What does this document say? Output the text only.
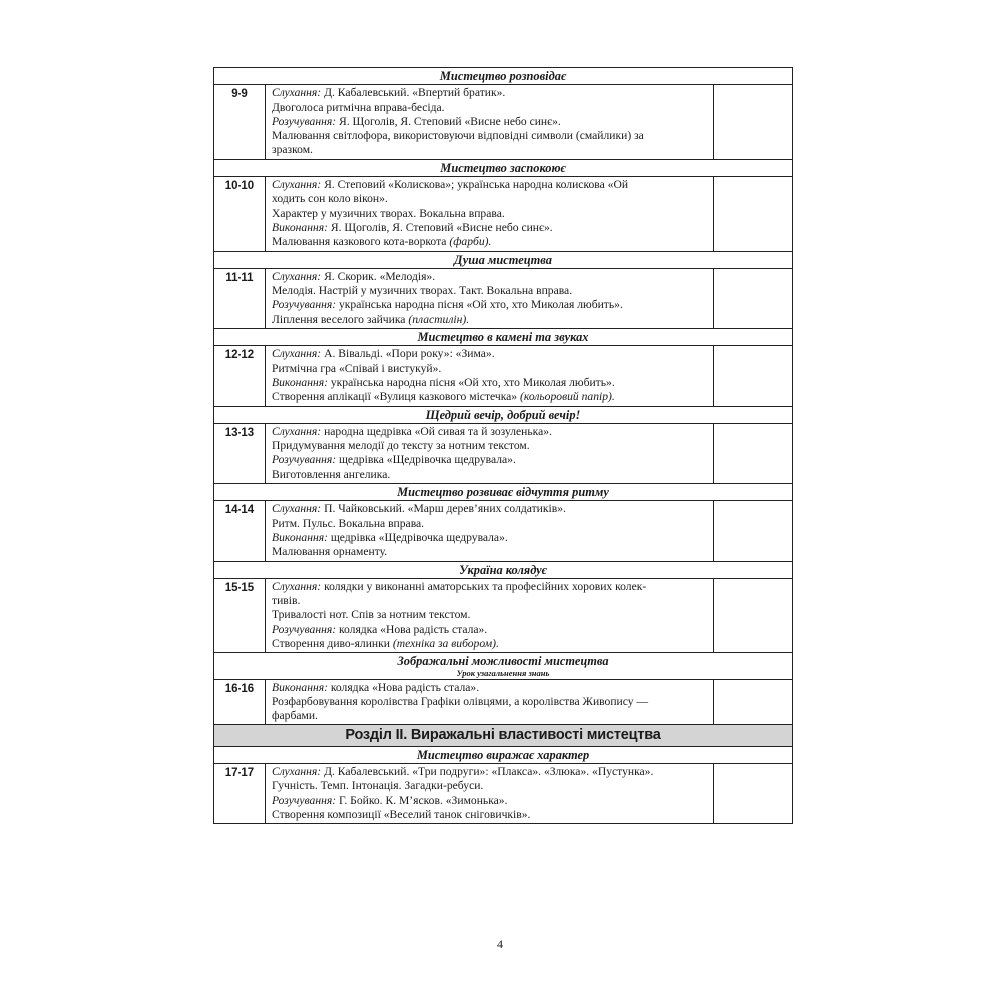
Мистецтво розповідає		
9-9	Слухання: Д. Кабалевський. «Впертий братик».
Двоголоса ритмічна вправа-бесіда.
Розучування: Я. Щоголів, Я. Степовий «Висне небо синє».
Малювання світлофора, використовуючи відповідні символи (смайлики) за
зразком.	

Мистецтво заспокоює		
10-10	Слухання: Я. Степовий «Колискова»; українська народна колискова «Ой
ходить сон коло вікон».
Характер у музичних творах. Вокальна вправа.
Виконання: Я. Щоголів, Я. Степовий «Висне небо синє».
Малювання казкового кота-воркота (фарби).	

Душа мистецтва		
11-11	Слухання: Я. Скорик. «Мелодія».
Мелодія. Настрій у музичних творах. Такт. Вокальна вправа.
Розучування: українська народна пісня «Ой хто, хто Миколая любить».
Ліплення веселого зайчика (пластилін).	

Мистецтво в камені та звуках		
12-12	Слухання: А. Вівальді. «Пори року»: «Зима».
Ритмічна гра «Співай і вистукуй».
Виконання: українська народна пісня «Ой хто, хто Миколая любить».
Створення аплікації «Вулиця казкового містечка» (кольоровий папір).	

Щедрий вечір, добрий вечір!		
13-13	Слухання: народна щедрівка «Ой сивая та й зозуленька».
Придумування мелодії до тексту за нотним текстом.
Розучування: щедрівка «Щедрівочка щедрувала».
Виготовлення ангелика.	

Мистецтво розвиває відчуття ритму		
14-14	Слухання: П. Чайковський. «Марш дерев’яних солдатиків».
Ритм. Пульс. Вокальна вправа.
Виконання: щедрівка «Щедрівочка щедрувала».
Малювання орнаменту.	

Україна колядує		
15-15	Слухання: колядки у виконанні аматорських та професійних хорових колек-
тивів.
Тривалості нот. Спів за нотним текстом.
Розучування: колядка «Нова радість стала».
Створення диво-ялинки (техніка за вибором).	

Зображальні можливості мистецтва
Урок узагальнення знань		

16-16	Виконання: колядка «Нова радість стала».
Розфарбовування королівства Графіки олівцями, а королівства Живопису —
фарбами.	

Розділ ІІ. Виражальні властивості мистецтва		
Мистецтво виражає характер		
17-17	Слухання: Д. Кабалевський. «Три подруги»: «Плакса». «Злюка». «Пустунка».
Гучність. Темп. Інтонація. Загадки-ребуси.
Розучування: Г. Бойко. К. М’ясков. «Зимонька».
Створення композиції «Веселий танок сніговичків».	

4
